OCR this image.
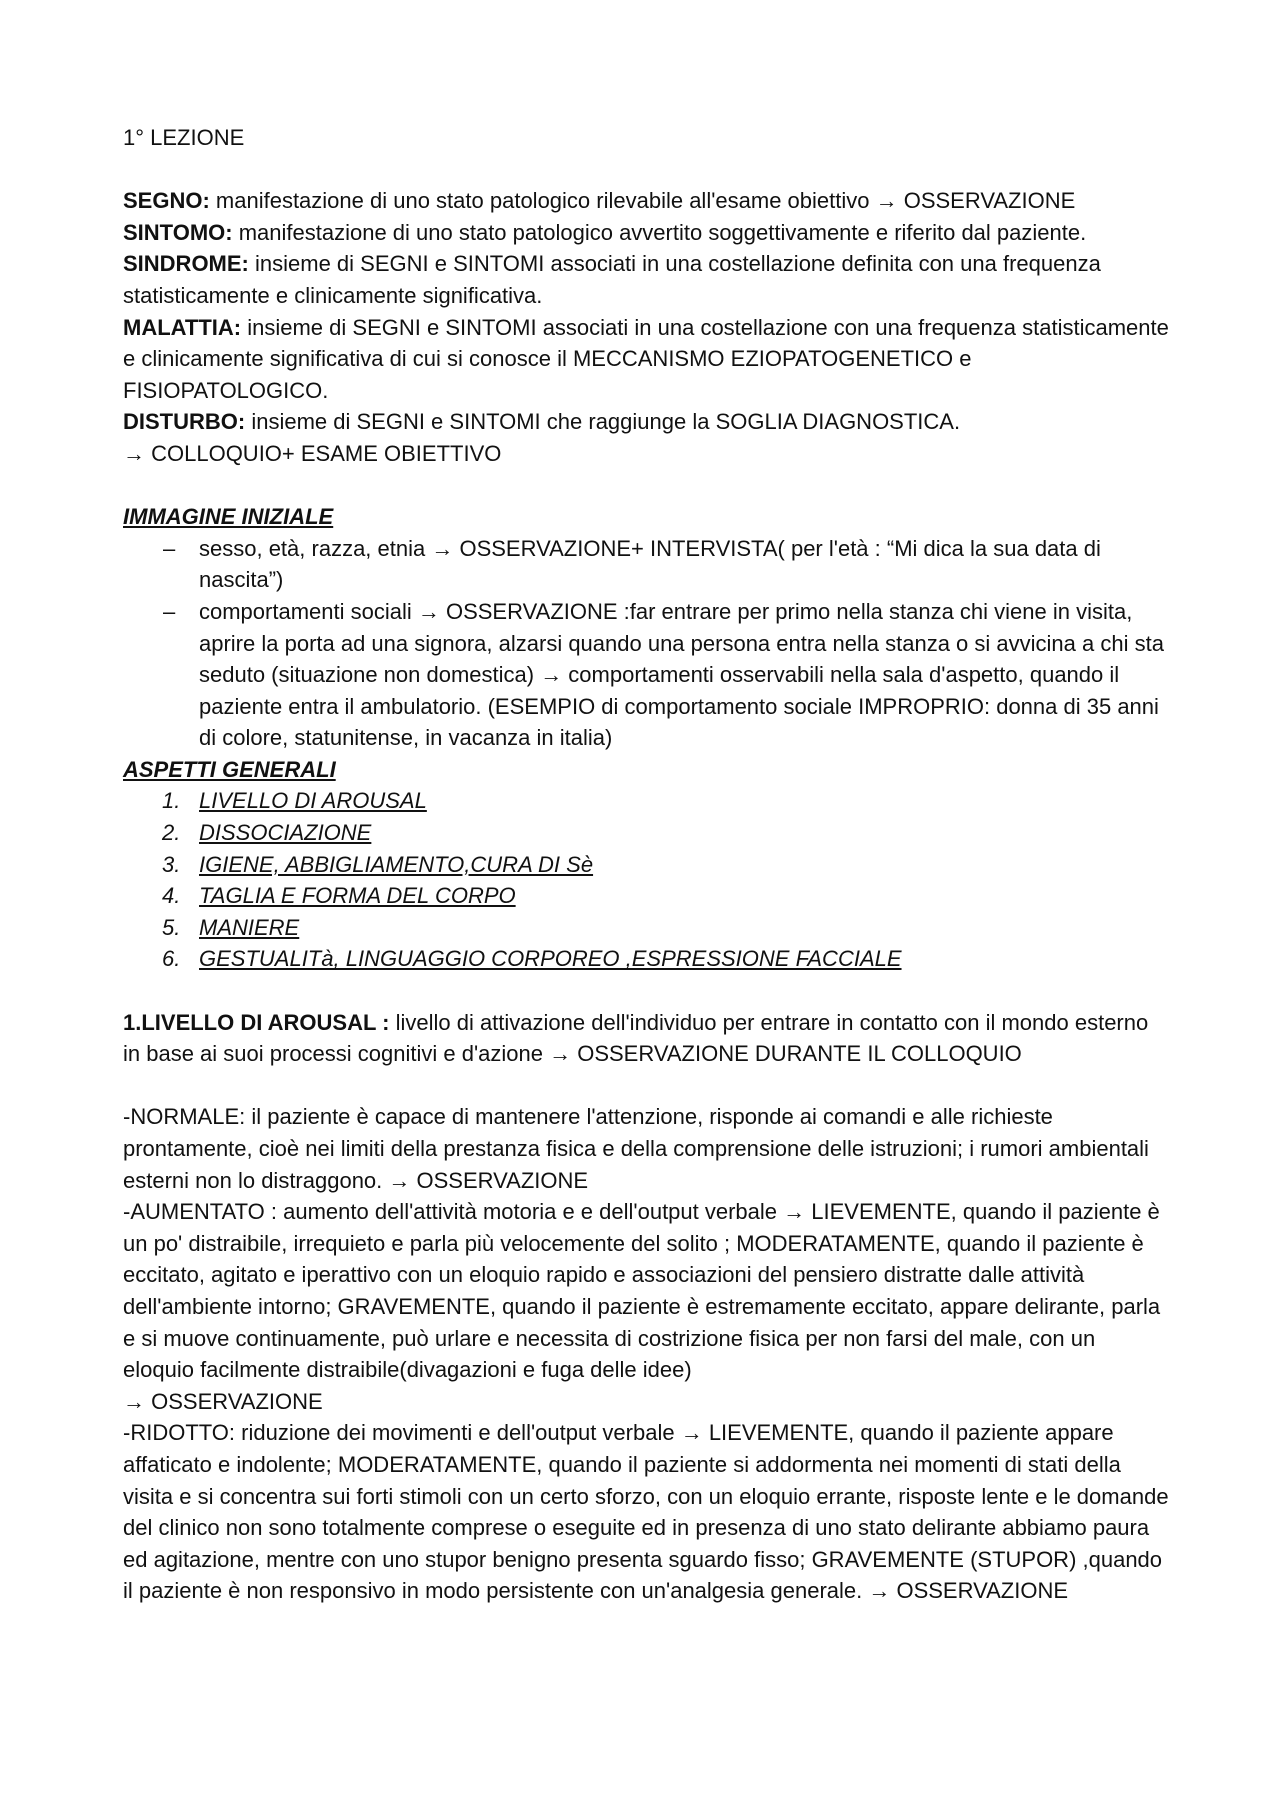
1° LEZIONE

SEGNO: manifestazione di uno stato patologico rilevabile all'esame obiettivo → OSSERVAZIONE

SINTOMO: manifestazione di uno stato patologico avvertito soggettivamente e riferito dal paziente.

SINDROME: insieme di SEGNI e SINTOMI associati in una costellazione definita con una frequenza statisticamente e clinicamente significativa.

MALATTIA: insieme di SEGNI e SINTOMI associati in una costellazione con una frequenza statisticamente e clinicamente significativa di cui si conosce il MECCANISMO EZIOPATOGENETICO e FISIOPATOLOGICO.

DISTURBO: insieme di SEGNI e SINTOMI che raggiunge la SOGLIA DIAGNOSTICA.

→ COLLOQUIO+ ESAME OBIETTIVO

IMMAGINE INIZIALE

– sesso, età, razza, etnia → OSSERVAZIONE+ INTERVISTA( per l'età : “Mi dica la sua data di nascita”)
– comportamenti sociali → OSSERVAZIONE :far entrare per primo nella stanza chi viene in visita, aprire la porta ad una signora, alzarsi quando una persona entra nella stanza o si avvicina a chi sta seduto (situazione non domestica) → comportamenti osservabili nella sala d'aspetto, quando il paziente entra il ambulatorio. (ESEMPIO di comportamento sociale IMPROPRIO: donna di 35 anni di colore, statunitense, in vacanza in italia)

ASPETTI GENERALI

1. LIVELLO DI AROUSAL
2. DISSOCIAZIONE
3. IGIENE, ABBIGLIAMENTO,CURA DI Sè
4. TAGLIA E FORMA DEL CORPO
5. MANIERE
6. GESTUALITà, LINGUAGGIO CORPOREO ,ESPRESSIONE FACCIALE

1.LIVELLO DI AROUSAL : livello di attivazione dell'individuo per entrare in contatto con il mondo esterno in base ai suoi processi cognitivi e d'azione → OSSERVAZIONE DURANTE IL COLLOQUIO

-NORMALE: il paziente è capace di mantenere l'attenzione, risponde ai comandi e alle richieste prontamente, cioè nei limiti della prestanza fisica e della comprensione delle istruzioni; i rumori ambientali esterni non lo distraggono. → OSSERVAZIONE

-AUMENTATO : aumento dell'attività motoria e e dell'output verbale → LIEVEMENTE, quando il paziente è un po' distraibile, irrequieto e parla più velocemente del solito ; MODERATAMENTE, quando il paziente è eccitato, agitato e iperattivo con un eloquio rapido e associazioni del pensiero distratte dalle attività dell'ambiente intorno; GRAVEMENTE, quando il paziente è estremamente eccitato, appare delirante, parla e si muove continuamente, può urlare e necessita di costrizione fisica per non farsi del male, con un eloquio facilmente distraibile(divagazioni e fuga delle idee)

→ OSSERVAZIONE

-RIDOTTO: riduzione dei movimenti e dell'output verbale → LIEVEMENTE, quando il paziente appare affaticato e indolente; MODERATAMENTE, quando il paziente si addormenta nei momenti di stati della visita e si concentra sui forti stimoli con un certo sforzo, con un eloquio errante, risposte lente e le domande del clinico non sono totalmente comprese o eseguite ed in presenza di uno stato delirante abbiamo paura ed agitazione, mentre con uno stupor benigno presenta sguardo fisso; GRAVEMENTE (STUPOR) ,quando il paziente è non responsivo in modo persistente con un'analgesia generale. → OSSERVAZIONE
